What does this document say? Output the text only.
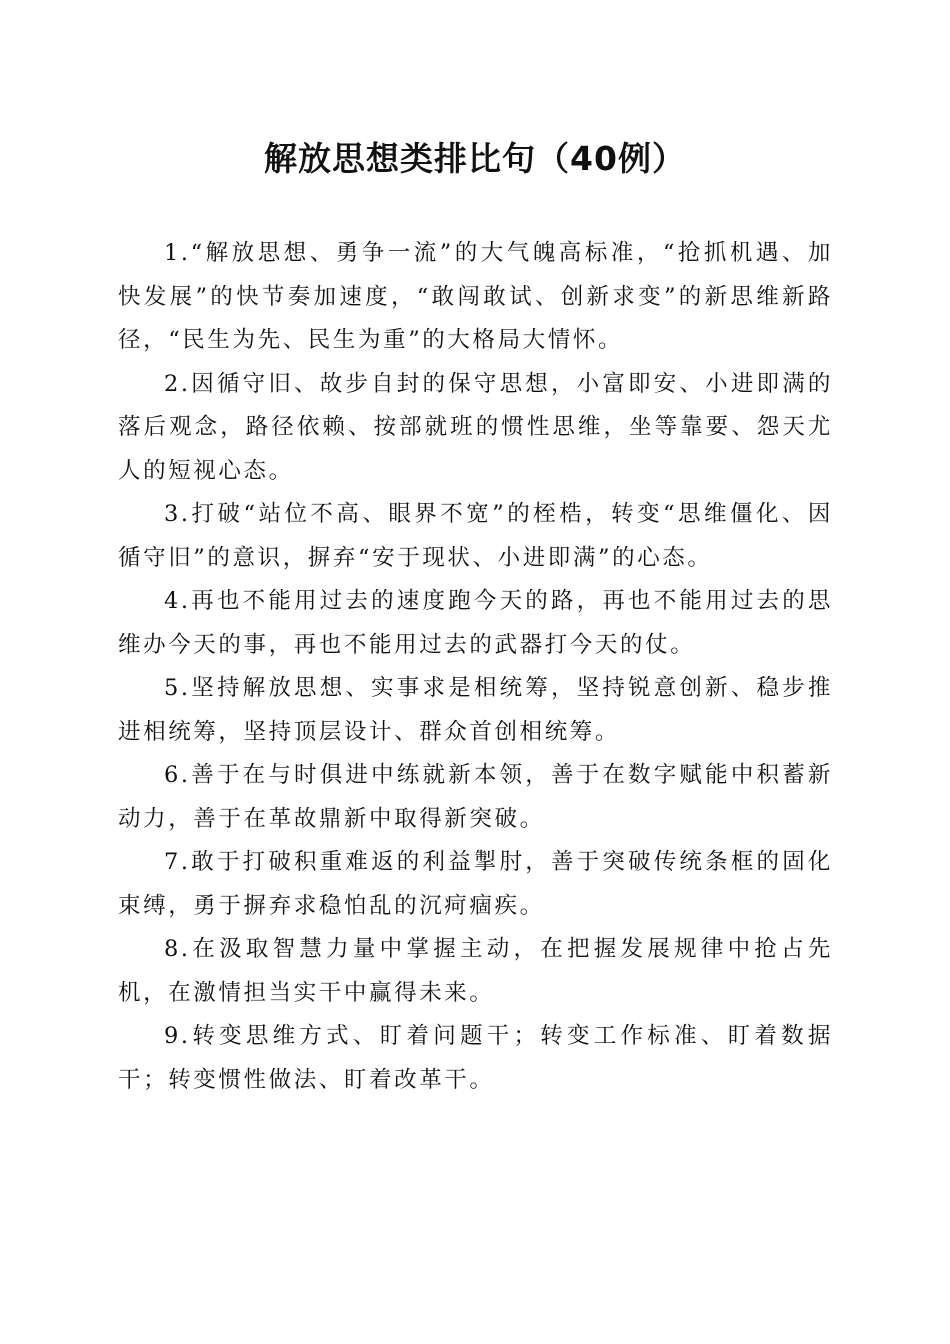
解放思想类排比句（40例）

1.“解放思想、勇争一流”的大气魄高标准，“抢抓机遇、加快发展”的快节奏加速度，“敢闯敢试、创新求变”的新思维新路径，“民生为先、民生为重”的大格局大情怀。

2.因循守旧、故步自封的保守思想，小富即安、小进即满的落后观念，路径依赖、按部就班的惯性思维，坐等靠要、怨天尤人的短视心态。

3.打破“站位不高、眼界不宽”的桎梏，转变“思维僵化、因循守旧”的意识，摒弃“安于现状、小进即满”的心态。

4.再也不能用过去的速度跑今天的路，再也不能用过去的思维办今天的事，再也不能用过去的武器打今天的仗。

5.坚持解放思想、实事求是相统筹，坚持锐意创新、稳步推进相统筹，坚持顶层设计、群众首创相统筹。

6.善于在与时俱进中练就新本领，善于在数字赋能中积蓄新动力，善于在革故鼎新中取得新突破。

7.敢于打破积重难返的利益掣肘，善于突破传统条框的固化束缚，勇于摒弃求稳怕乱的沉疴痼疾。

8.在汲取智慧力量中掌握主动，在把握发展规律中抢占先机，在激情担当实干中赢得未来。

9.转变思维方式、盯着问题干；转变工作标准、盯着数据干；转变惯性做法、盯着改革干。
